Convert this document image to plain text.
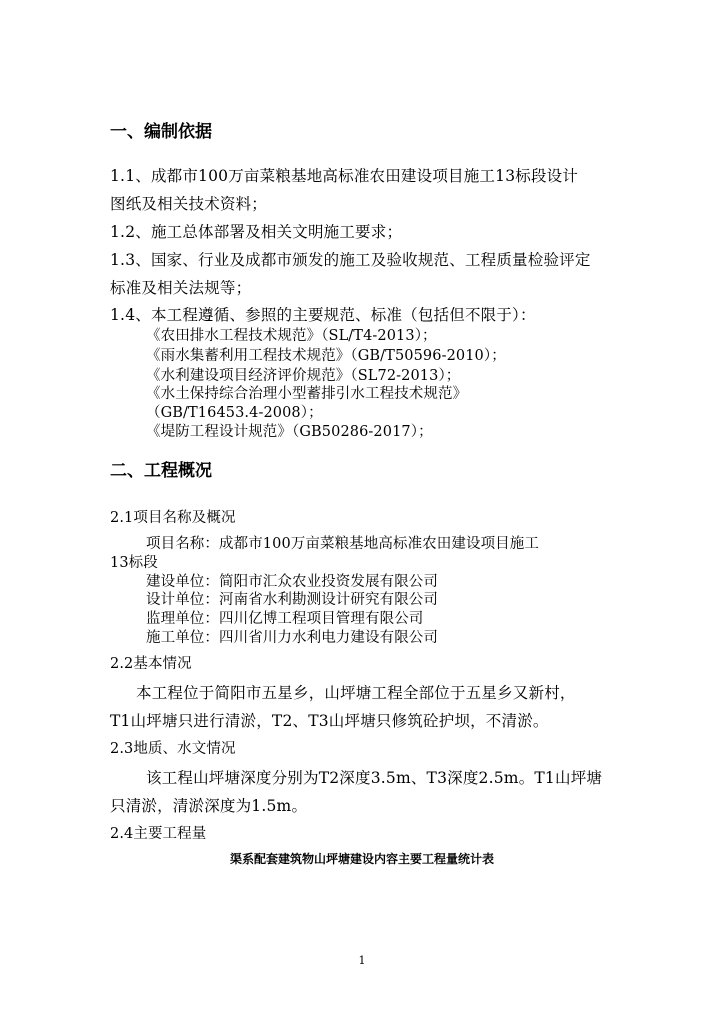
一、编制依据
1.1、成都市100万亩菜粮基地高标准农田建设项目施工13标段设计
图纸及相关技术资料；
1.2、施工总体部署及相关文明施工要求；
1.3、国家、行业及成都市颁发的施工及验收规范、工程质量检验评定
标准及相关法规等；
1.4、本工程遵循、参照的主要规范、标准（包括但不限于）：
《农田排水工程技术规范》（SL/T4-2013）；
《雨水集蓄利用工程技术规范》（GB/T50596-2010）；
《水利建设项目经济评价规范》（SL72-2013）；
《水土保持综合治理小型蓄排引水工程技术规范》
（GB/T16453.4-2008）；
《堤防工程设计规范》（GB50286-2017）；
二、工程概况
2.1项目名称及概况
项目名称：成都市100万亩菜粮基地高标准农田建设项目施工
13标段
建设单位：简阳市汇众农业投资发展有限公司
设计单位：河南省水利勘测设计研究有限公司
监理单位：四川亿博工程项目管理有限公司
施工单位：四川省川力水利电力建设有限公司
2.2基本情况
本工程位于简阳市五星乡，山坪塘工程全部位于五星乡又新村，
T1山坪塘只进行清淤，T2、T3山坪塘只修筑砼护坝，不清淤。
2.3地质、水文情况
该工程山坪塘深度分别为T2深度3.5m、T3深度2.5m。T1山坪塘
只清淤，清淤深度为1.5m。
2.4主要工程量
渠系配套建筑物山坪塘建设内容主要工程量统计表
1
